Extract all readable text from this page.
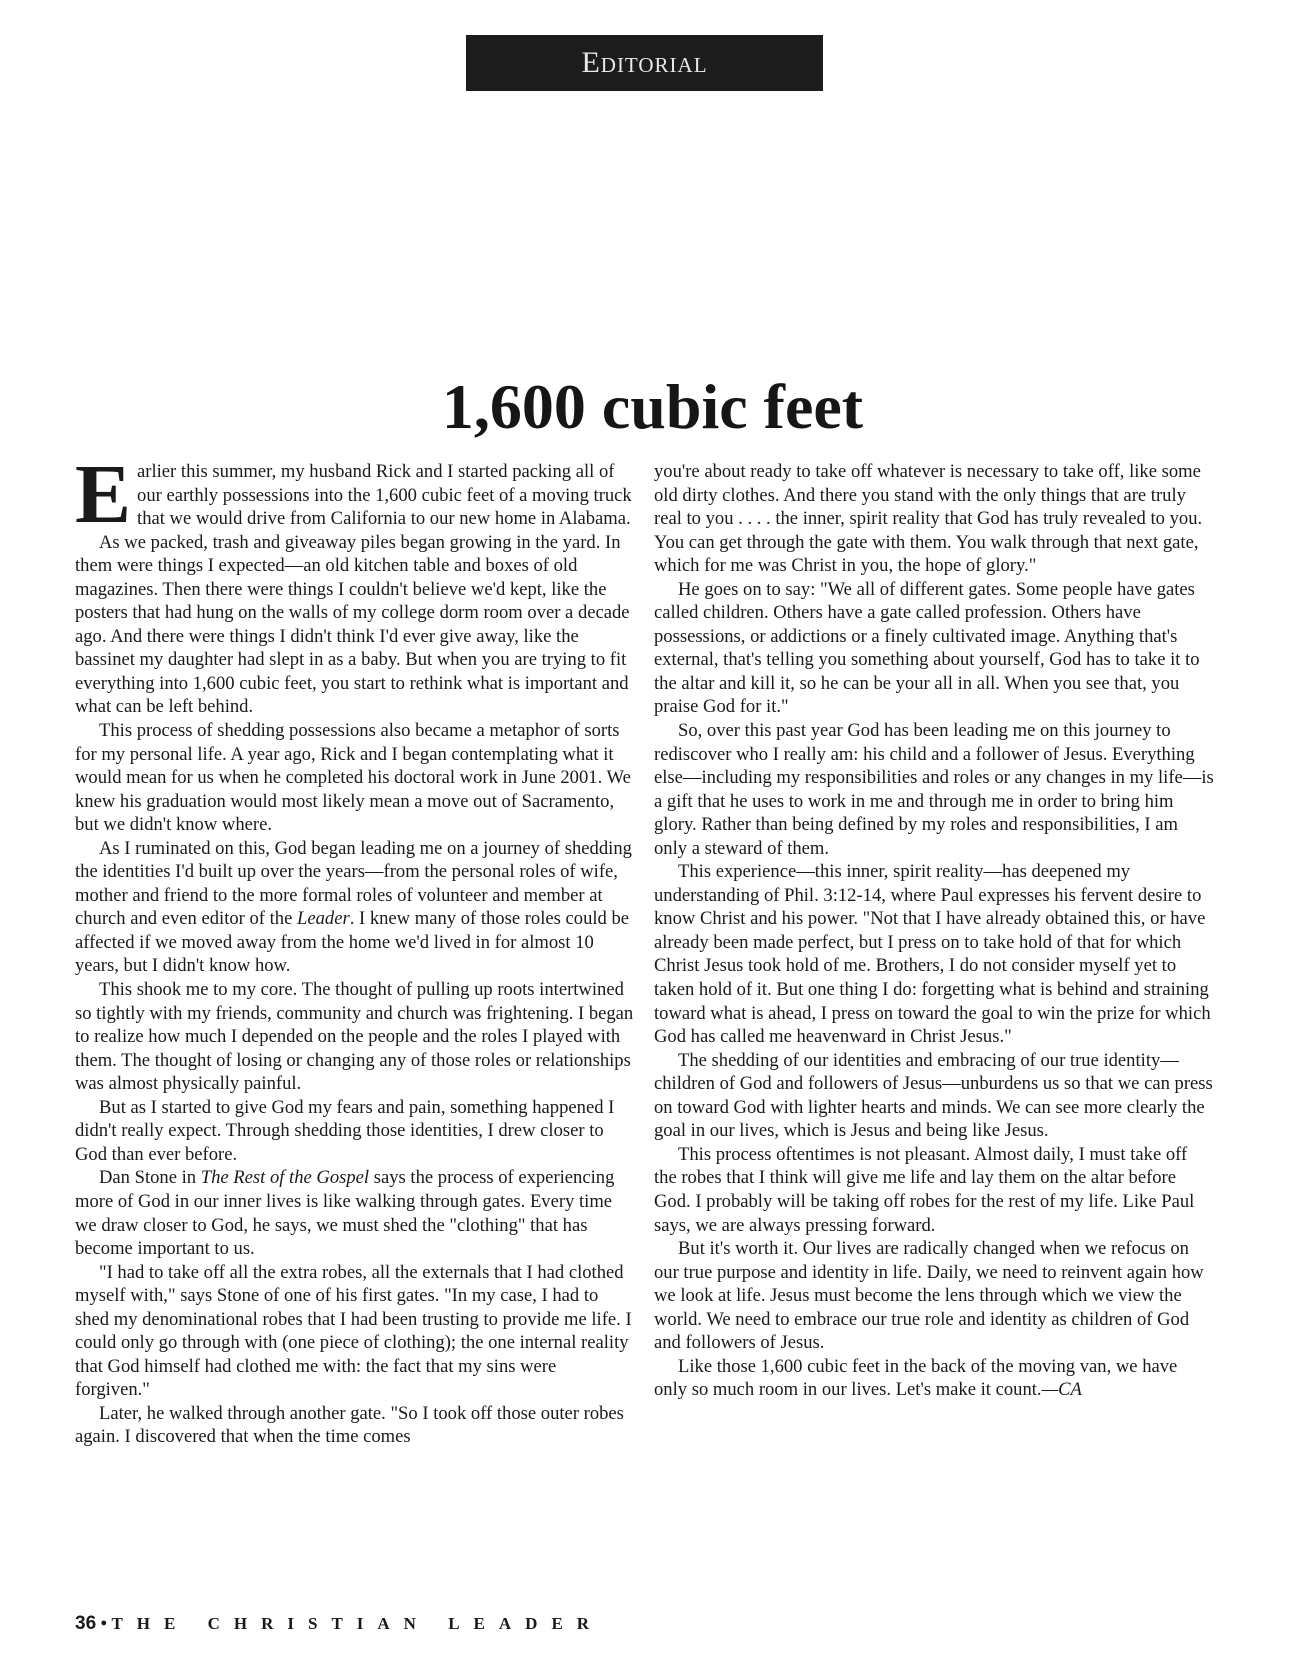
Editorial
1,600 cubic feet

Earlier this summer, my husband Rick and I started packing all of our earthly possessions into the 1,600 cubic feet of a moving truck that we would drive from California to our new home in Alabama.

As we packed, trash and giveaway piles began growing in the yard. In them were things I expected—an old kitchen table and boxes of old magazines. Then there were things I couldn't believe we'd kept, like the posters that had hung on the walls of my college dorm room over a decade ago. And there were things I didn't think I'd ever give away, like the bassinet my daughter had slept in as a baby. But when you are trying to fit everything into 1,600 cubic feet, you start to rethink what is important and what can be left behind.

This process of shedding possessions also became a metaphor of sorts for my personal life. A year ago, Rick and I began contemplating what it would mean for us when he completed his doctoral work in June 2001. We knew his graduation would most likely mean a move out of Sacramento, but we didn't know where.

As I ruminated on this, God began leading me on a journey of shedding the identities I'd built up over the years—from the personal roles of wife, mother and friend to the more formal roles of volunteer and member at church and even editor of the Leader. I knew many of those roles could be affected if we moved away from the home we'd lived in for almost 10 years, but I didn't know how.

This shook me to my core. The thought of pulling up roots intertwined so tightly with my friends, community and church was frightening. I began to realize how much I depended on the people and the roles I played with them. The thought of losing or changing any of those roles or relationships was almost physically painful.

But as I started to give God my fears and pain, something happened I didn't really expect. Through shedding those identities, I drew closer to God than ever before.

Dan Stone in The Rest of the Gospel says the process of experiencing more of God in our inner lives is like walking through gates. Every time we draw closer to God, he says, we must shed the "clothing" that has become important to us.

"I had to take off all the extra robes, all the externals that I had clothed myself with," says Stone of one of his first gates. "In my case, I had to shed my denominational robes that I had been trusting to provide me life. I could only go through with (one piece of clothing); the one internal reality that God himself had clothed me with: the fact that my sins were forgiven."

Later, he walked through another gate. "So I took off those outer robes again. I discovered that when the time comes

you're about ready to take off whatever is necessary to take off, like some old dirty clothes. And there you stand with the only things that are truly real to you . . . . the inner, spirit reality that God has truly revealed to you. You can get through the gate with them. You walk through that next gate, which for me was Christ in you, the hope of glory."

He goes on to say: "We all of different gates. Some people have gates called children. Others have a gate called profession. Others have possessions, or addictions or a finely cultivated image. Anything that's external, that's telling you something about yourself, God has to take it to the altar and kill it, so he can be your all in all. When you see that, you praise God for it."

So, over this past year God has been leading me on this journey to rediscover who I really am: his child and a follower of Jesus. Everything else—including my responsibilities and roles or any changes in my life—is a gift that he uses to work in me and through me in order to bring him glory. Rather than being defined by my roles and responsibilities, I am only a steward of them.

This experience—this inner, spirit reality—has deepened my understanding of Phil. 3:12-14, where Paul expresses his fervent desire to know Christ and his power. "Not that I have already obtained this, or have already been made perfect, but I press on to take hold of that for which Christ Jesus took hold of me. Brothers, I do not consider myself yet to taken hold of it. But one thing I do: forgetting what is behind and straining toward what is ahead, I press on toward the goal to win the prize for which God has called me heavenward in Christ Jesus."

The shedding of our identities and embracing of our true identity—children of God and followers of Jesus—unburdens us so that we can press on toward God with lighter hearts and minds. We can see more clearly the goal in our lives, which is Jesus and being like Jesus.

This process oftentimes is not pleasant. Almost daily, I must take off the robes that I think will give me life and lay them on the altar before God. I probably will be taking off robes for the rest of my life. Like Paul says, we are always pressing forward.

But it's worth it. Our lives are radically changed when we refocus on our true purpose and identity in life. Daily, we need to reinvent again how we look at life. Jesus must become the lens through which we view the world. We need to embrace our true role and identity as children of God and followers of Jesus.

Like those 1,600 cubic feet in the back of the moving van, we have only so much room in our lives. Let's make it count.—CA

36 • THE CHRISTIAN LEADER
